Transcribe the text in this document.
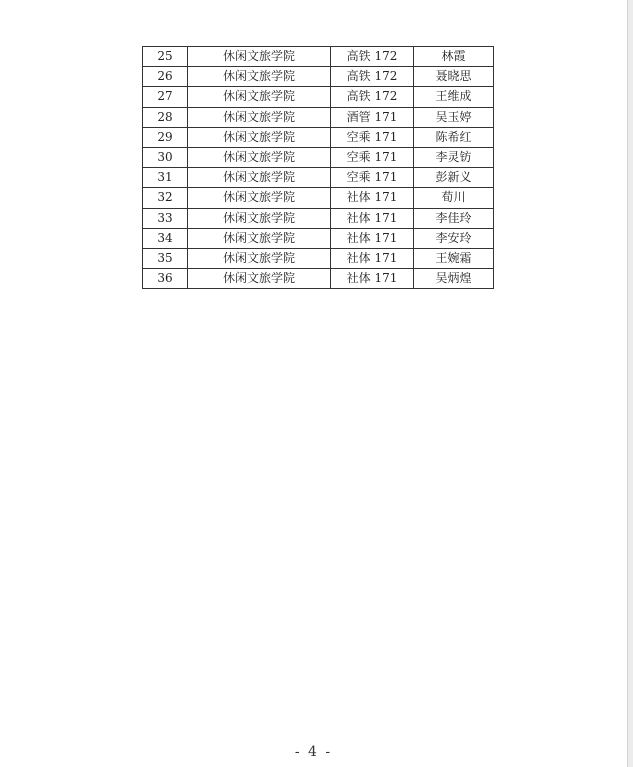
25	休闲文旅学院	高铁 172	林霞
26	休闲文旅学院	高铁 172	聂晓思
27	休闲文旅学院	高铁 172	王维成
28	休闲文旅学院	酒管 171	吴玉婷
29	休闲文旅学院	空乘 171	陈希红
30	休闲文旅学院	空乘 171	李灵钫
31	休闲文旅学院	空乘 171	彭新义
32	休闲文旅学院	社体 171	荀川
33	休闲文旅学院	社体 171	李佳玲
34	休闲文旅学院	社体 171	李安玲
35	休闲文旅学院	社体 171	王婉霜
36	休闲文旅学院	社体 171	吴炳煌
- 4 -
